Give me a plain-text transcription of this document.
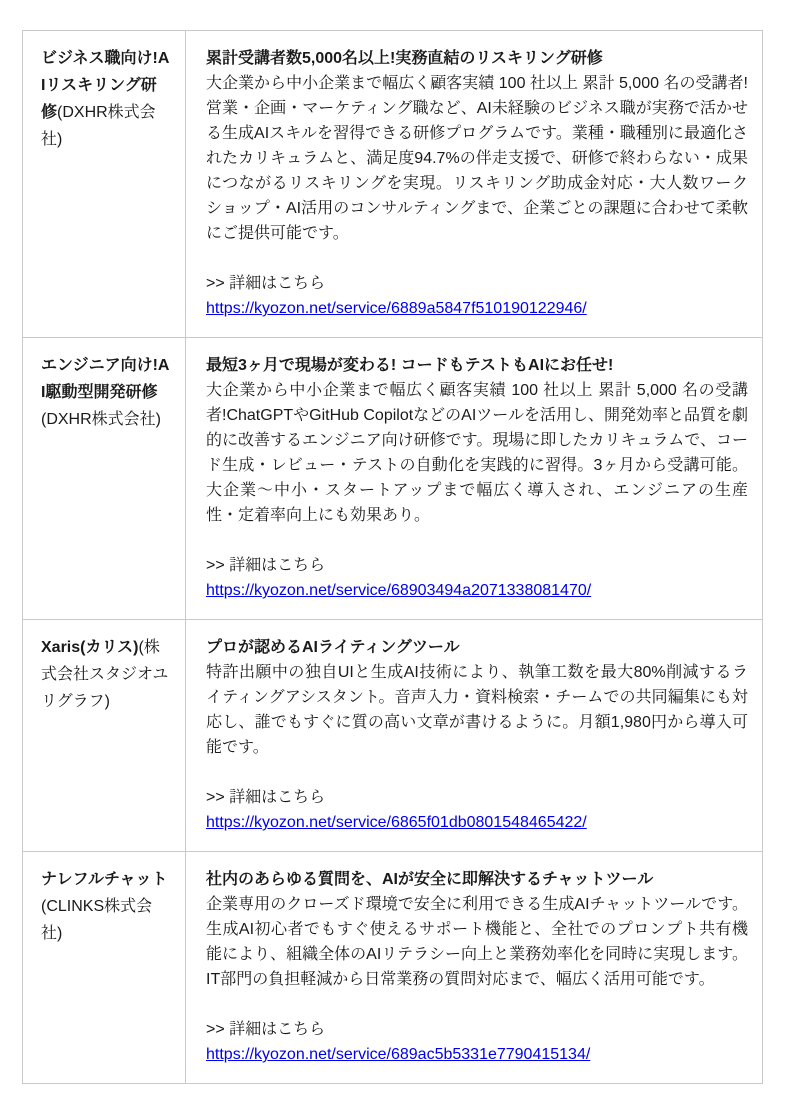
ビジネス職向け!AIリスキリング研修(DXHR株式会社)	累計受講者数5,000名以上!実務直結のリスキリング研修

大企業から中小企業まで幅広く顧客実績 100 社以上 累計 5,000 名の受講者!営業・企画・マーケティング職など、AI未経験のビジネス職が実務で活かせる生成AIスキルを習得できる研修プログラムです。業種・職種別に最適化されたカリキュラムと、満足度94.7%の伴走支援で、研修で終わらない・成果につながるリスキリングを実現。リスキリング助成金対応・大人数ワークショップ・AI活用のコンサルティングまで、企業ごとの課題に合わせて柔軟にご提供可能です。

>> 詳細はこちら
https://kyozon.net/service/6889a5847f510190122946/

エンジニア向け!AI駆動型開発研修(DXHR株式会社)	最短3ヶ月で現場が変わる! コードもテストもAIにお任せ!

大企業から中小企業まで幅広く顧客実績 100 社以上 累計 5,000 名の受講者!ChatGPTやGitHub CopilotなどのAIツールを活用し、開発効率と品質を劇的に改善するエンジニア向け研修です。現場に即したカリキュラムで、コード生成・レビュー・テストの自動化を実践的に習得。3ヶ月から受講可能。大企業〜中小・スタートアップまで幅広く導入され、エンジニアの生産性・定着率向上にも効果あり。

>> 詳細はこちら
https://kyozon.net/service/68903494a2071338081470/

Xaris(カリス)(株式会社スタジオユリグラフ)	プロが認めるAIライティングツール

特許出願中の独自UIと生成AI技術により、執筆工数を最大80%削減するライティングアシスタント。音声入力・資料検索・チームでの共同編集にも対応し、誰でもすぐに質の高い文章が書けるように。月額1,980円から導入可能です。

>> 詳細はこちら
https://kyozon.net/service/6865f01db0801548465422/

ナレフルチャット(CLINKS株式会社)	社内のあらゆる質問を、AIが安全に即解決するチャットツール

企業専用のクローズド環境で安全に利用できる生成AIチャットツールです。生成AI初心者でもすぐ使えるサポート機能と、全社でのプロンプト共有機能により、組織全体のAIリテラシー向上と業務効率化を同時に実現します。IT部門の負担軽減から日常業務の質問対応まで、幅広く活用可能です。

>> 詳細はこちら
https://kyozon.net/service/689ac5b5331e7790415134/
